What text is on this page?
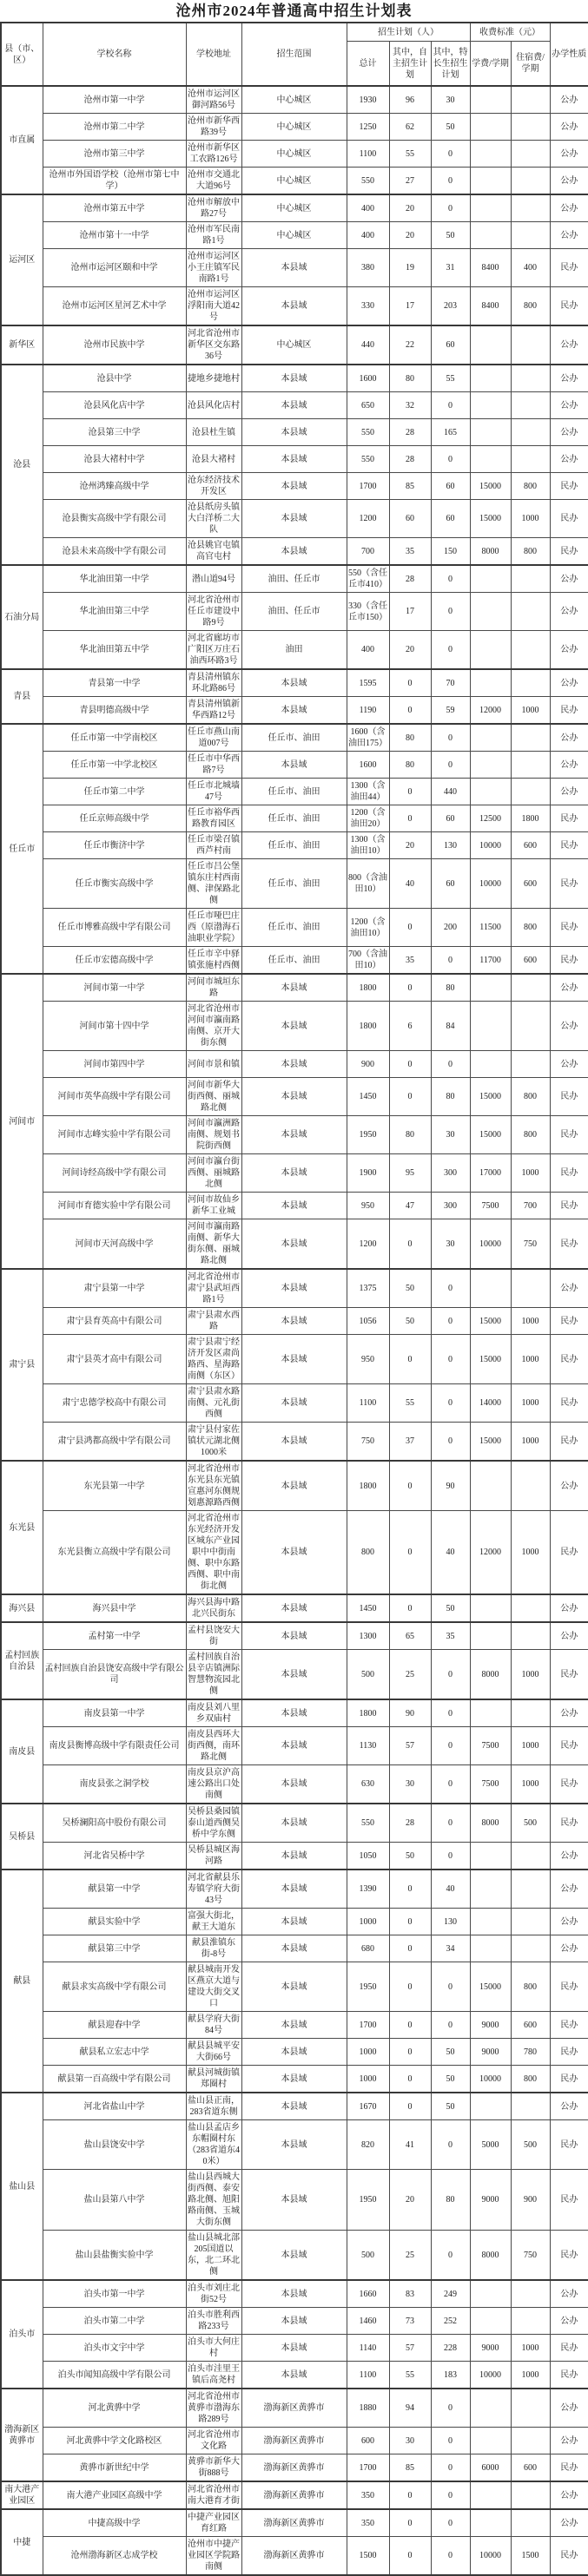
沧州市2024年普通高中招生计划表
县（市、区）	学校名称	学校地址	招生范围	招生计划（人）			收费标准（元）		办学性质
				总计	其中，自主招生计划	其中，特长生招生计划	学费/学期	住宿费/学期	
市直属	沧州市第一中学	沧州市运河区御河路56号	中心城区	1930	96	30			公办
	沧州市第二中学	沧州市新华西路39号	中心城区	1250	62	50			公办
	沧州市第三中学	沧州市新华区工农路126号	中心城区	1100	55	0			公办
	沧州市外国语学校（沧州市第七中学）	沧州市交通北大道96号	中心城区	550	27	0			公办
运河区	沧州市第五中学	沧州市解放中路27号	中心城区	400	20	0			公办
	沧州市第十一中学	沧州市军民南路1号	中心城区	400	20	50			公办
	沧州市运河区颐和中学	沧州市运河区小王庄镇军民南路1号	本县域	380	19	31	8400	400	民办
	沧州市运河区星河艺术中学	沧州市运河区浮阳南大道42号	本县域	330	17	203	8400	800	民办
新华区	沧州市民族中学	河北省沧州市新华区交东路36号	中心城区	440	22	60			公办
沧县	沧县中学	捷地乡捷地村	本县域	1600	80	55			公办
	沧县风化店中学	沧县风化店村	本县域	650	32	0			公办
	沧县第三中学	沧县杜生镇	本县域	550	28	165			公办
	沧县大褚村中学	沧县大褚村	本县域	550	28	0			公办
	沧州鸿臻高级中学	沧东经济技术开发区	本县域	1700	85	60	15000	800	民办
	沧县衡实高级中学有限公司	沧县纸房头镇大白洋桥二大队	本县域	1200	60	60	15000	1000	民办
	沧县未来高级中学有限公司	沧县姚官屯镇高官屯村	本县域	700	35	150	8000	800	民办
石油分局	华北油田第一中学	潜山道94号	油田、任丘市	550（含任丘市410）	28	0			公办
	华北油田第三中学	河北省沧州市任丘市建设中路9号	油田、任丘市	330（含任丘市150）	17	0			公办
	华北油田第五中学	河北省廊坊市广阳区万庄石油西环路3号	油田	400	20	0			公办
青县	青县第一中学	青县清州镇东环北路86号	本县域	1595	0	70			公办
	青县明德高级中学	青县清州镇新华西路12号	本县域	1190	0	59	12000	1000	民办
任丘市	任丘市第一中学南校区	任丘市燕山南道007号	任丘市、油田	1600（含油田175）	80	0			公办
	任丘市第一中学北校区	任丘市中华西路7号	本县域	1600	80	0			公办
	任丘市第二中学	任丘市北城墙47号	任丘市、油田	1300（含油田44）	0	440			公办
	任丘京师高级中学	任丘市裕华西路教育园区	任丘市、油田	1200（含油田20）	0	60	12500	1800	民办
	任丘市衡济中学	任丘市梁召镇西芦村南	任丘市、油田	1300（含油田10）	20	130	10000	600	民办
	任丘市衡实高级中学	任丘市吕公堡镇东庄村西南侧、津保路北侧	任丘市、油田	800（含油田10）	40	60	10000	600	民办
	任丘市博雅高级中学有限公司	任丘市哑巴庄西（原渤海石油职业学院）	任丘市、油田	1200（含油田10）	0	200	11500	800	民办
	任丘市宏德高级中学	任丘市辛中驿镇张施村西侧	任丘市、油田	700（含油田10）	35	0	11700	600	民办
河间市	河间市第一中学	河间市城垣东路	本县域	1800	0	80			公办
	河间市第十四中学	河北省沧州市河间市瀛南路南侧、京开大街东侧	本县域	1800	6	84			公办
	河间市第四中学	河间市景和镇	本县域	900	0	0			公办
	河间市英华高级中学有限公司	河间市新华大街西侧、丽城路北侧	本县域	1450	0	80	15000	800	民办
	河间市志峰实验中学有限公司	河间市瀛洲路南侧、规划书院街西侧	本县域	1950	80	30	15000	800	民办
	河间诗经高级中学有限公司	河间市瀛台街西侧、丽城路北侧	本县域	1900	95	300	17000	1000	民办
	河间市育德实验中学有限公司	河间市故仙乡新华工业城	本县域	950	47	300	7500	700	民办
	河间市天河高级中学	河间市瀛南路南侧、新华大街东侧、丽城路北侧	本县域	1200	0	30	10000	750	民办
肃宁县	肃宁县第一中学	河北省沧州市肃宁县武垣西路1号	本县域	1375	50	0			公办
	肃宁县育英高中有限公司	肃宁县肃水西路	本县域	1056	50	0	15000	1000	民办
	肃宁县英才高中有限公司	肃宁县肃宁经济开发区肃尚路西、星海路南侧（东区）	本县域	950	0	0	15000	1000	民办
	肃宁忠德学校高中有限公司	肃宁县肃水路南侧、元礼街西侧	本县域	1100	55	0	14000	1000	民办
	肃宁县鸿都高级中学有限公司	肃宁县付家佐镇状元湖北侧1000米	本县域	750	37	0	15000	1000	民办
东光县	东光县第一中学	河北省沧州市东光县东光镇宣惠河东侧规划惠源路西侧	本县域	1800	0	90			公办
	东光县衡立高级中学有限公司	河北省沧州市东光经济开发区城东产业园职中中街南侧、职中东路西侧、职中南街北侧	本县域	800	0	40	12000	1000	民办
海兴县	海兴县中学	海兴县海中路北兴民街东	本县域	1450	0	50			公办
孟村回族自治县	孟村第一中学	孟村县饶安大街	本县域	1300	65	35			公办
	孟村回族自治县饶安高级中学有限公司	孟村回族自治县辛店镇洲际智慧物流园北侧	本县域	500	25	0	8000	1000	民办
南皮县	南皮县第一中学	南皮县刘八里乡双庙村	本县域	1800	90	0			公办
	南皮县衡博高级中学有限责任公司	南皮县西环大街西侧，南环路北侧	本县域	1130	57	0	7500	1000	民办
	南皮县张之洞学校	南皮县京沪高速公路出口处南侧	本县域	630	30	0	7500	1000	民办
吴桥县	吴桥澜阳高中股份有限公司	吴桥县桑园镇泰山道西侧吴桥中学东侧	本县域	550	28	0	8000	500	民办
	河北省吴桥中学	吴桥县城区海河路	本县域	1050	50	0			公办
献县	献县第一中学	河北省献县乐寿镇学府大街43号	本县域	1390	0	40			公办
	献县实验中学	富强大街北，献王大道东	本县域	1000	0	130			公办
	献县第三中学	献县淮镇东街-8号	本县域	680	0	34			公办
	献县求实高级中学有限公司	献县城南开发区燕京大道与建设大街交叉口	本县域	1950	0	0	15000	800	民办
	献县迎春中学	献县学府大街84号	本县域	1700	0	0	9000	600	民办
	献县私立宏志中学	献县县城平安大街66号	本县域	1000	0	50	9000	780	民办
	献县第一百高级中学有限公司	献县河城街镇郑圈村	本县域	1000	0	50	10000	800	民办
盐山县	河北省盐山中学	盐山县正南，283省道东侧	本县域	1670	0	50			公办
	盐山县饶安中学	盐山县孟店乡东帽圈村东（283省道东40米）	本县域	820	41	0	5000	500	民办
	盐山县第八中学	盐山县西城大街西侧、泰安路北侧、旭阳路南侧、玉城大街东侧	本县域	1950	20	80	9000	900	民办
	盐山县盐衡实验中学	盐山县城北部205国道以东，北二环北侧	本县域	500	25	0	8000	750	民办
泊头市	泊头市第一中学	泊头市刘庄北街52号	本县域	1660	83	249			公办
	泊头市第二中学	泊头市胜利西路233号	本县域	1460	73	252			公办
	泊头市文宇中学	泊头市大何庄村	本县域	1140	57	228	9000	1000	民办
	泊头市闻知高级中学有限公司	泊头市洼里王镇后高尧村	本县域	1100	55	183	10000	1000	民办
渤海新区黄骅市	河北黄骅中学	河北省沧州市黄骅市渤海东路289号	渤海新区黄骅市	1880	94	0			公办
	河北黄骅中学文化路校区	河北省沧州市文化路	渤海新区黄骅市	600	30	0			公办
	黄骅市新世纪中学	黄骅市新华大街888号	渤海新区黄骅市	1700	85	0	6000	600	民办
南大港产业园区	南大港产业园区高级中学	河北省沧州市南大港育才街	渤海新区黄骅市	350	0	0			公办
中捷	中捷高级中学	中捷产业园区育红路	渤海新区黄骅市	350	0	0			公办
	沧州渤海新区志成学校	沧州市中捷产业园区学院路南侧	渤海新区黄骅市	1500	0	0	10000	1500	民办
